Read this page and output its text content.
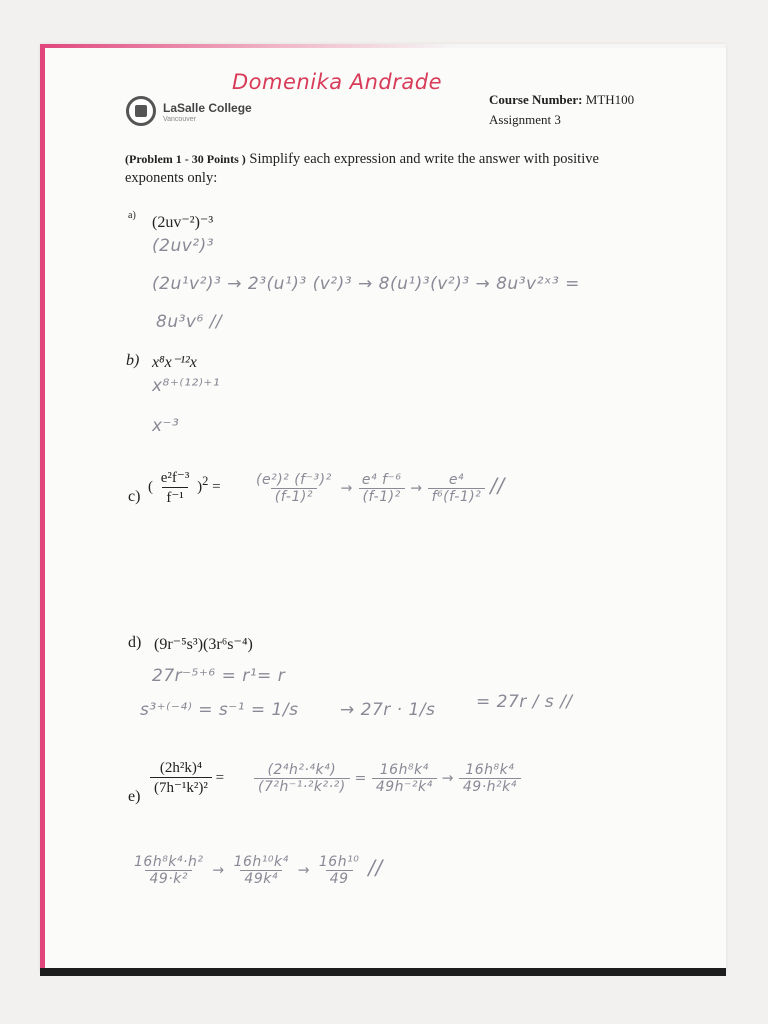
Domenika Andrade
LaSalle College
Vancouver
Course Number: MTH100
Assignment 3
(Problem 1 - 30 Points ) Simplify each expression and write the answer with positive exponents only:
a) (2uv⁻²)⁻³
(2uv²)³
(2u¹v²)³ → 2³(u¹)³ (v²)³ → 8(u¹)³(v²)³ → 8u³v²ˣ³ =
8u³v⁶ //
b) x⁸x⁻¹²x
x⁸⁺⁽¹²⁾⁺¹
x⁻³
c)
( $\frac{\text{e²f⁻³}}{\text{f⁻¹}} )^2 = \frac{\text{(e²)² (f⁻³)²}}{\text{(f-1)²}} \to \frac{\text{e⁴ f⁻⁶}}{\text{(f-1)²}} \to \frac{\text{e⁴}}{\text{f⁶(f-1)²}}$ //
d) (9r⁻⁵s³)(3r⁶s⁻⁴)
27r⁻⁵⁺⁶ = r¹= r
s³⁺⁽⁻⁴⁾ = s⁻¹ = 1/s → 27r · 1/s = 27r / s //
$e) \frac{\text{(2h²k)⁴}}{\text{(7h⁻¹k²)²}} = \frac{\text{(2⁴h²·⁴k⁴)}}{\text{(7²h⁻¹·²k²·²)}} = \frac{\text{16h⁸k⁴}}{\text{49h⁻²k⁴}} \to \frac{\text{16h⁸k⁴}}{\text{49·h²k⁴}}$
$\frac{\text{16h⁸k⁴·h²}}{\text{49·k²}} \to \frac{\text{16h¹⁰k⁴}}{\text{49k⁴}} \to \frac{\text{16h¹⁰}}{49}$ //
